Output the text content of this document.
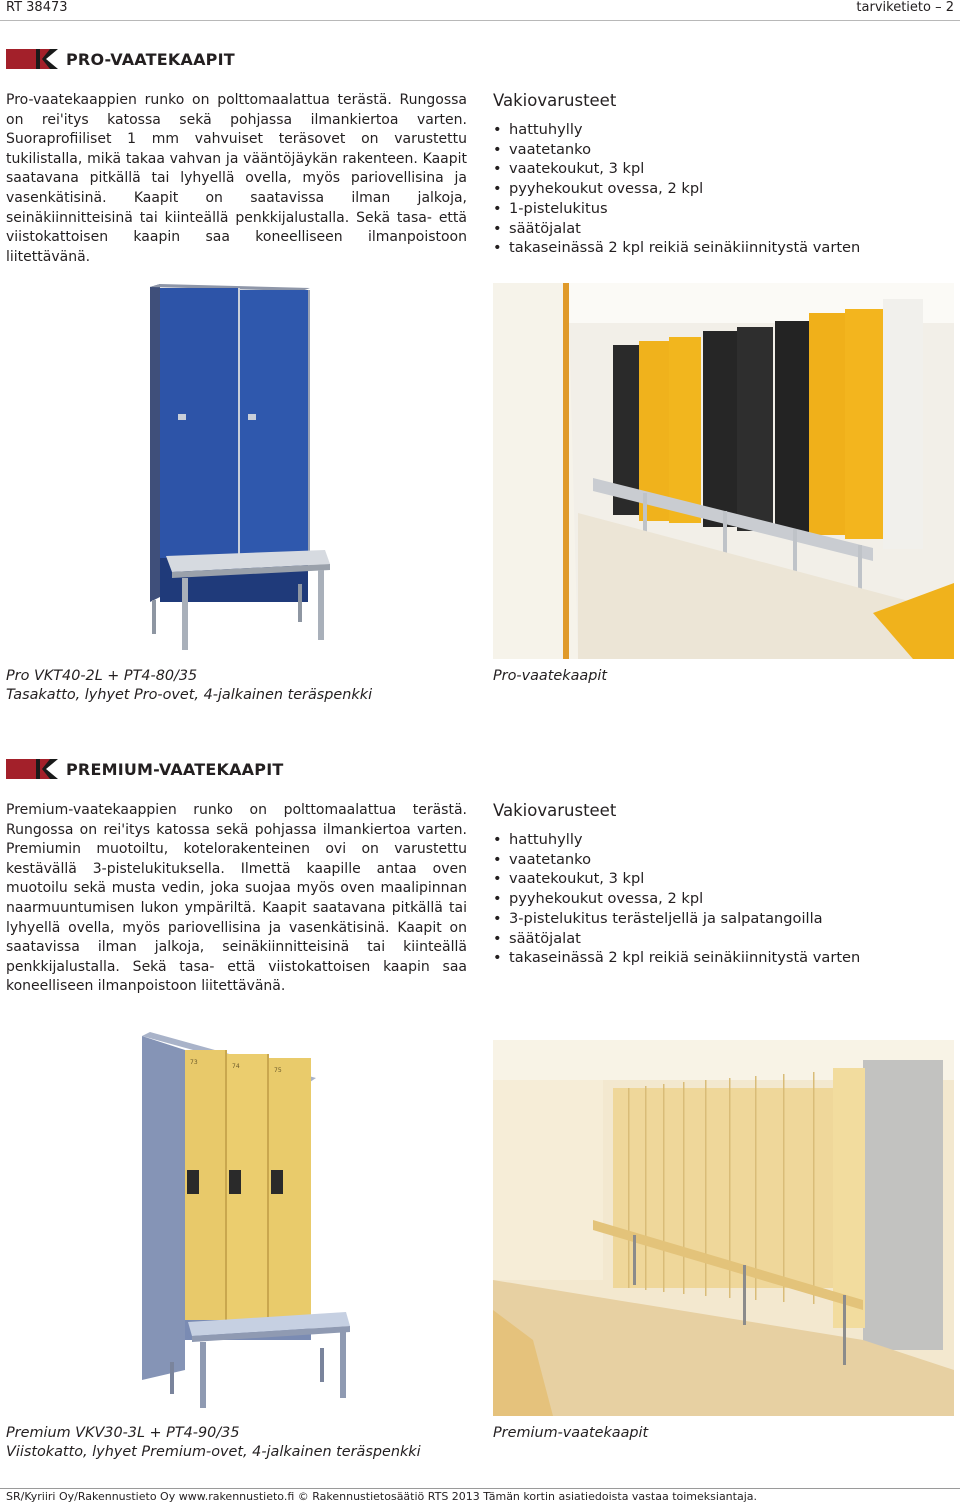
RT 38473	tarviketieto – 2
PRO-VAATEKAAPIT
Pro-vaatekaappien runko on polttomaalattua terästä. Rungossa on rei'itys katossa sekä pohjassa ilmankiertoa varten. Suoraprofiiliset 1 mm vahvuiset teräsovet on varustettu tukilistalla, mikä takaa vahvan ja vääntöjäykän rakenteen. Kaapit saatavana pitkällä tai lyhyellä ovella, myös pariovellisina ja vasenkätisinä. Kaapit on saatavissa ilman jalkoja, seinäkiinnitteisinä tai kiinteällä penkkijalustalla. Sekä tasa- että viistokattoisen kaapin saa koneelliseen ilmanpoistoon liitettävänä.
Vakiovarusteet
• hattuhylly
• vaatetanko
• vaatekoukut, 3 kpl
• pyyhekoukut ovessa, 2 kpl
• 1-pistelukitus
• säätöjalat
• takaseinässä 2 kpl reikiä seinäkiinnitystä varten
Pro VKT40-2L + PT4-80/35
Tasakatto, lyhyet Pro-ovet, 4-jalkainen teräspenkki
Pro-vaatekaapit
PREMIUM-VAATEKAAPIT
Premium-vaatekaappien runko on polttomaalattua terästä. Rungossa on rei'itys katossa sekä pohjassa ilmankiertoa varten. Premiumin muotoiltu, kotelorakenteinen ovi on varustettu kestävällä 3-pistelukituksella. Ilmettä kaapille antaa oven muotoilu sekä musta vedin, joka suojaa myös oven maalipinnan naarmuuntumisen lukon ympäriltä. Kaapit saatavana pitkällä tai lyhyellä ovella, myös pariovellisina ja vasenkätisinä. Kaapit on saatavissa ilman jalkoja, seinäkiinnitteisinä tai kiinteällä penkkijalustalla. Sekä tasa- että viistokattoisen kaapin saa koneelliseen ilmanpoistoon liitettävänä.
Vakiovarusteet
• hattuhylly
• vaatetanko
• vaatekoukut, 3 kpl
• pyyhekoukut ovessa, 2 kpl
• 3-pistelukitus terästeljellä ja salpatangoilla
• säätöjalat
• takaseinässä 2 kpl reikiä seinäkiinnitystä varten
73
74
75
Premium VKV30-3L + PT4-90/35
Viistokatto, lyhyet Premium-ovet, 4-jalkainen teräspenkki
Premium-vaatekaapit
SR/Kyriiri Oy/Rakennustieto Oy www.rakennustieto.fi © Rakennustietosäätiö RTS 2013 Tämän kortin asiatiedoista vastaa toimeksiantaja.
